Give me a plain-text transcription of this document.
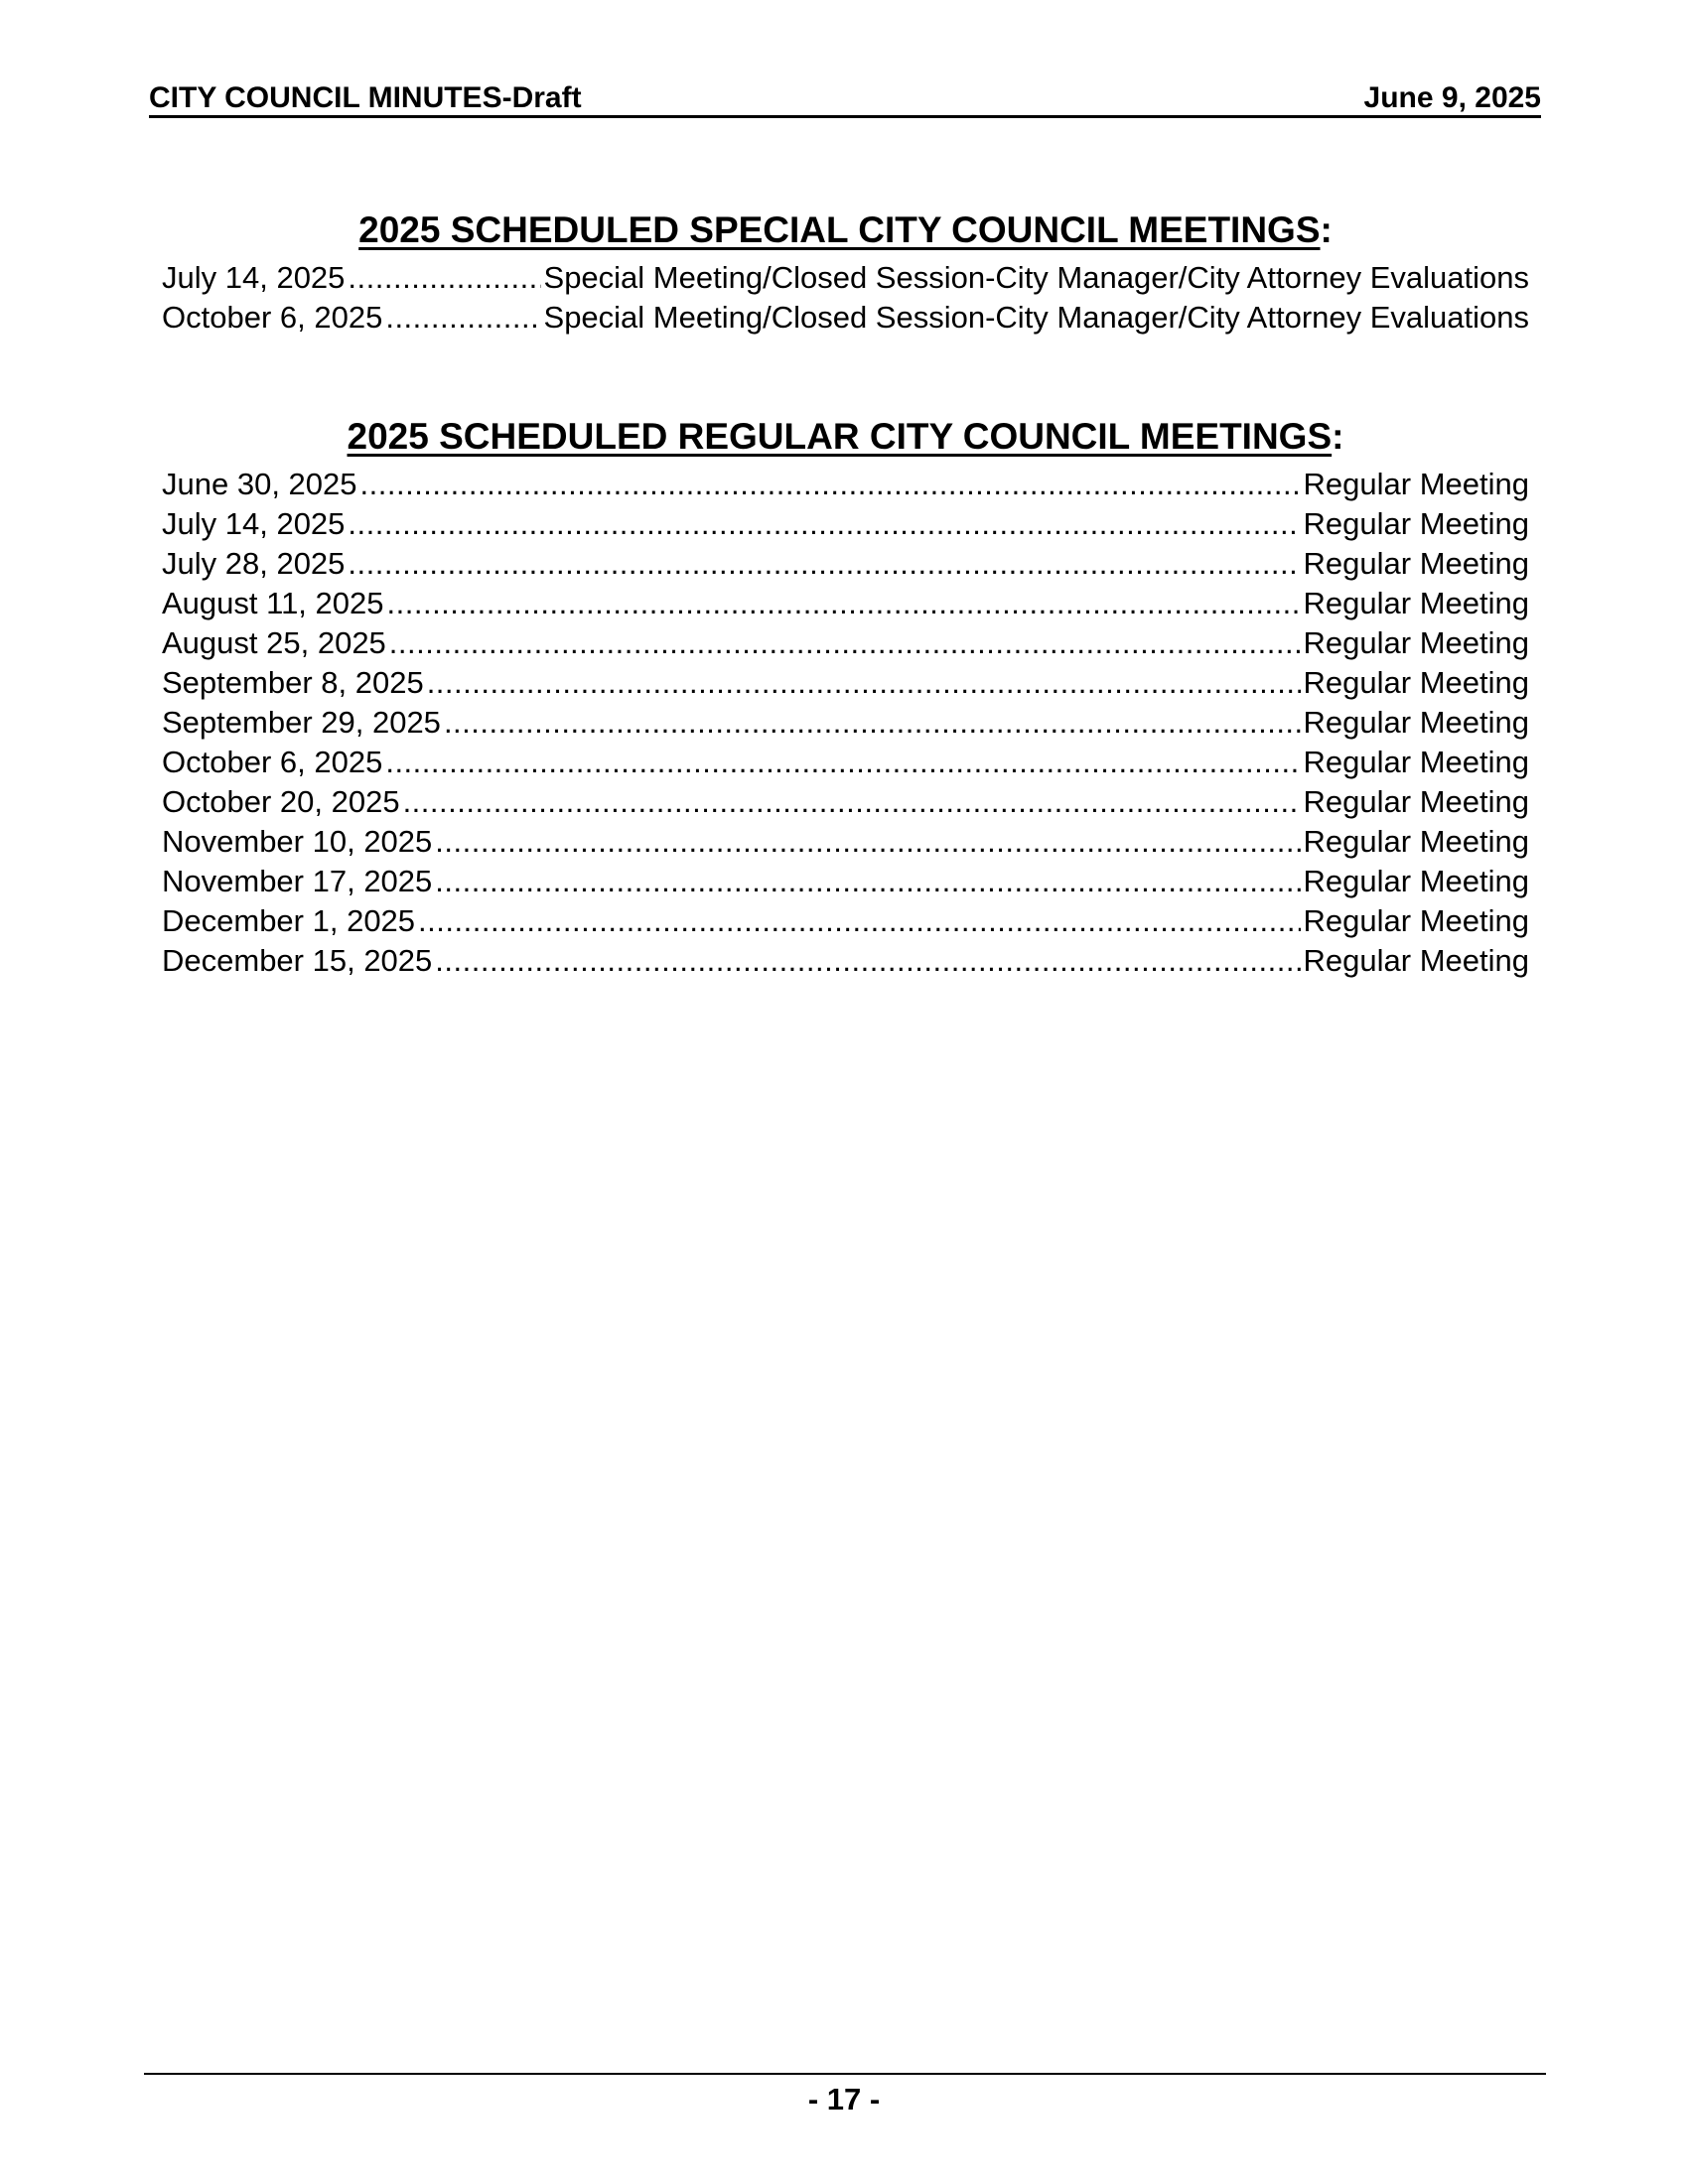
CITY COUNCIL MINUTES-Draft	June 9, 2025
2025 SCHEDULED SPECIAL CITY COUNCIL MEETINGS:
July 14, 2025 .....	Special Meeting/Closed Session-City Manager/City Attorney Evaluations
October 6, 2025 .....	Special Meeting/Closed Session-City Manager/City Attorney Evaluations
2025 SCHEDULED REGULAR CITY COUNCIL MEETINGS:
June 30, 2025 .....	Regular Meeting
July 14, 2025 .....	Regular Meeting
July 28, 2025 .....	Regular Meeting
August 11, 2025 .....	Regular Meeting
August 25, 2025 .....	Regular Meeting
September 8, 2025 .....	Regular Meeting
September 29, 2025 .....	Regular Meeting
October 6, 2025 .....	Regular Meeting
October 20, 2025 .....	Regular Meeting
November 10, 2025 .....	Regular Meeting
November 17, 2025 .....	Regular Meeting
December 1, 2025 .....	Regular Meeting
December 15, 2025 .....	Regular Meeting
- 17 -
